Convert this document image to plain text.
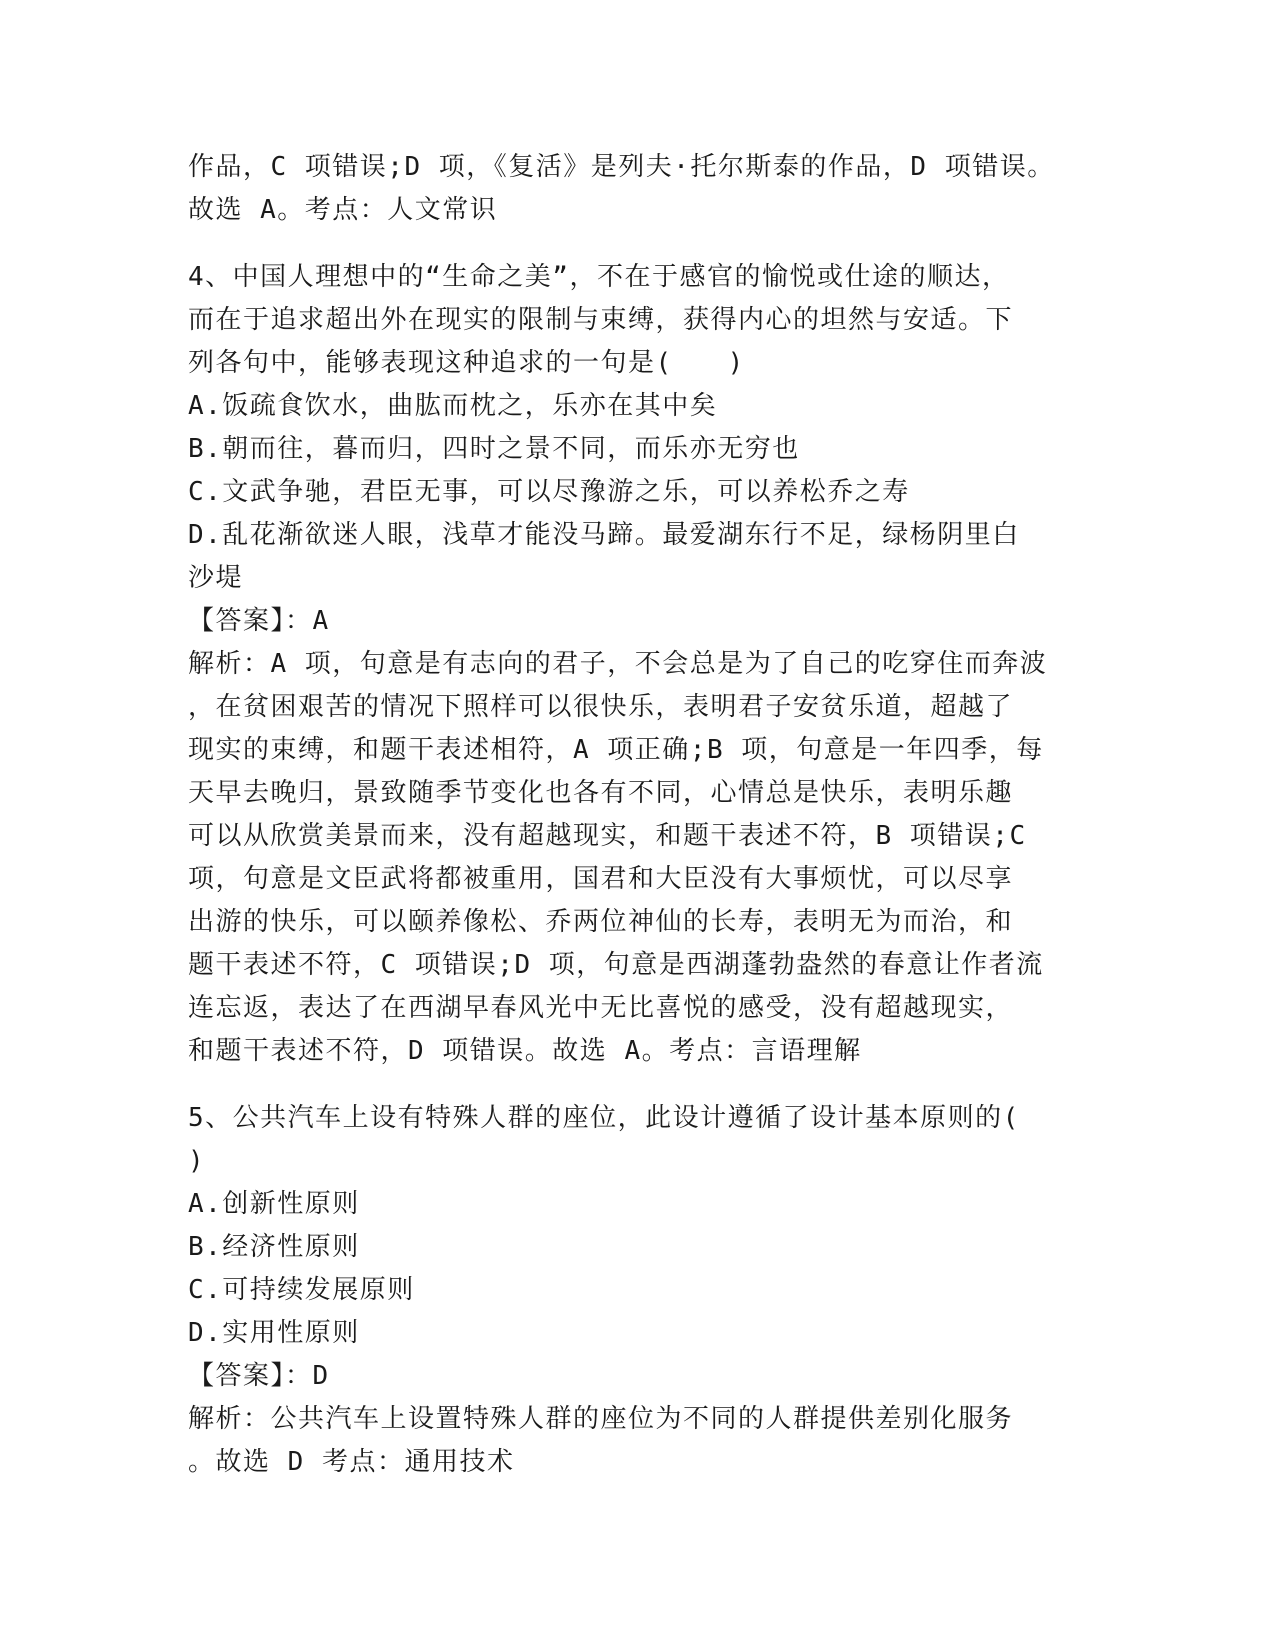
作品，C 项错误;D 项，《复活》是列夫·托尔斯泰的作品，D 项错误。
故选 A。考点：人文常识
4、中国人理想中的“生命之美”，不在于感官的愉悦或仕途的顺达，
而在于追求超出外在现实的限制与束缚，获得内心的坦然与安适。下
列各句中，能够表现这种追求的一句是(　　)
A.饭疏食饮水，曲肱而枕之，乐亦在其中矣
B.朝而往，暮而归，四时之景不同，而乐亦无穷也
C.文武争驰，君臣无事，可以尽豫游之乐，可以养松乔之寿
D.乱花渐欲迷人眼，浅草才能没马蹄。最爱湖东行不足，绿杨阴里白
沙堤
【答案】：A
解析：A 项，句意是有志向的君子，不会总是为了自己的吃穿住而奔波
，在贫困艰苦的情况下照样可以很快乐，表明君子安贫乐道，超越了
现实的束缚，和题干表述相符，A 项正确;B 项，句意是一年四季，每
天早去晚归，景致随季节变化也各有不同，心情总是快乐，表明乐趣
可以从欣赏美景而来，没有超越现实，和题干表述不符，B 项错误;C
项，句意是文臣武将都被重用，国君和大臣没有大事烦忧，可以尽享
出游的快乐，可以颐养像松、乔两位神仙的长寿，表明无为而治，和
题干表述不符，C 项错误;D 项，句意是西湖蓬勃盎然的春意让作者流
连忘返，表达了在西湖早春风光中无比喜悦的感受，没有超越现实，
和题干表述不符，D 项错误。故选 A。考点：言语理解
5、公共汽车上设有特殊人群的座位，此设计遵循了设计基本原则的(
)
A.创新性原则
B.经济性原则
C.可持续发展原则
D.实用性原则
【答案】：D
解析：公共汽车上设置特殊人群的座位为不同的人群提供差别化服务
。故选 D 考点：通用技术
